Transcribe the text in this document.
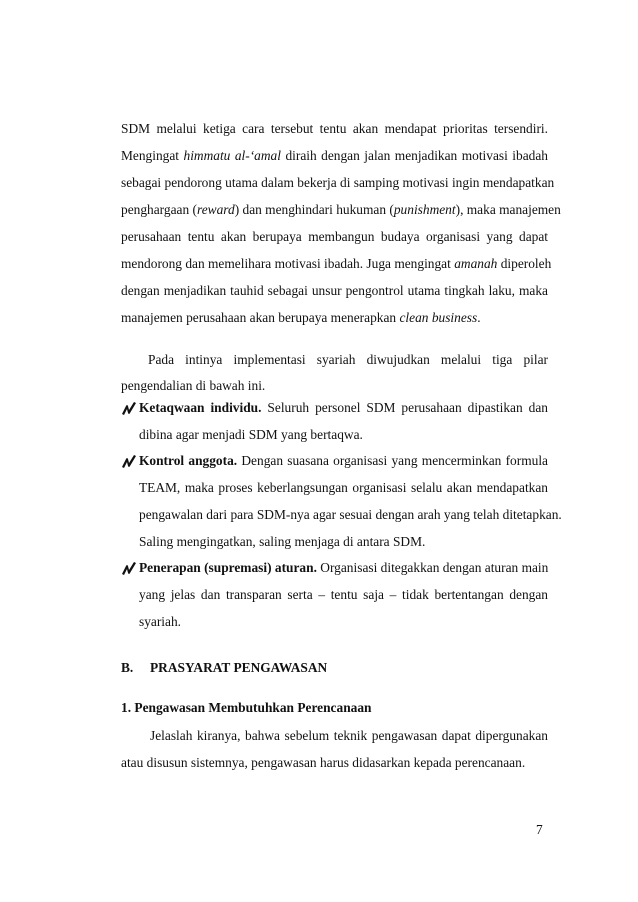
SDM melalui ketiga cara tersebut tentu akan mendapat prioritas tersendiri.
Mengingat himmatu al-‘amal diraih dengan jalan menjadikan motivasi ibadah
sebagai pendorong utama dalam bekerja di samping motivasi ingin mendapatkan
penghargaan (reward) dan menghindari hukuman (punishment), maka manajemen
perusahaan tentu akan berupaya membangun budaya organisasi yang dapat
mendorong dan memelihara motivasi ibadah. Juga mengingat amanah diperoleh
dengan menjadikan tauhid sebagai unsur pengontrol utama tingkah laku, maka
manajemen perusahaan akan berupaya menerapkan clean business.
Pada intinya implementasi syariah diwujudkan melalui tiga pilar
pengendalian di bawah ini.
Ketaqwaan individu. Seluruh personel SDM perusahaan dipastikan dan
dibina agar menjadi SDM yang bertaqwa.
Kontrol anggota. Dengan suasana organisasi yang mencerminkan formula
TEAM, maka proses keberlangsungan organisasi selalu akan mendapatkan
pengawalan dari para SDM-nya agar sesuai dengan arah yang telah ditetapkan.
Saling mengingatkan, saling menjaga di antara SDM.
Penerapan (supremasi) aturan. Organisasi ditegakkan dengan aturan main
yang jelas dan transparan serta – tentu saja – tidak bertentangan dengan
syariah.
B. PRASYARAT PENGAWASAN
1. Pengawasan Membutuhkan Perencanaan
Jelaslah kiranya, bahwa sebelum teknik pengawasan dapat dipergunakan
atau disusun sistemnya, pengawasan harus didasarkan kepada perencanaan.
7
